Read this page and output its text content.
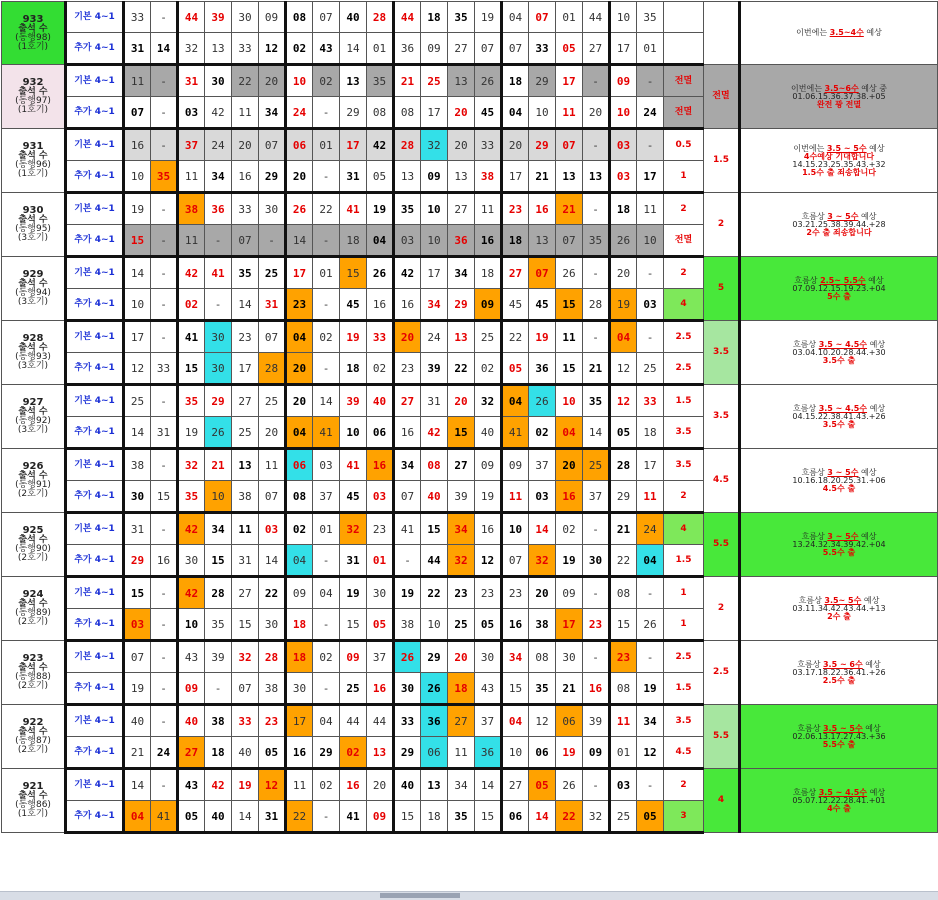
933
출석 수
(동행98)
(1호기)	기본 4~1	33	-	44	39	30	09	08	07	40	28	44	18	35	19	04	07	01	44	10	35			이번에는 3.5~4수 예상
	추가 4~1	31	14	32	13	33	12	02	43	14	01	36	09	27	07	07	33	05	27	17	01			

932
출석 수
(동행97)
(1호기)	기본 4~1	11	-	31	30	22	20	10	02	13	35	21	25	13	26	18	29	17	-	09	-	전멸	전멸	이번에는 3.5~6수 예상 중
01.06.15.36.37.38.+05
완전 꽝 전멸
	추가 4~1	07	-	03	42	11	34	24	-	29	08	08	17	20	45	04	10	11	20	10	24	전멸		

931
출석 수
(동행96)
(1호기)	기본 4~1	16	-	37	24	20	07	06	01	17	42	28	32	20	33	20	29	07	-	03	-	0.5	1.5	이번에는 3.5 ~ 5수 예상
4수예상 기대합니다
14.15.23.25.35.43.+32
1.5수 출 죄송합니다
	추가 4~1	10	35	11	34	16	29	20	-	31	05	13	09	13	38	17	21	13	13	03	17	1		

930
출석 수
(동행95)
(3호기)	기본 4~1	19	-	38	36	33	30	26	22	41	19	35	10	27	11	23	16	21	-	18	11	2	2	흐름상 3 ~ 5수 예상
03.21.25.38.39.44.+28
2수 출 죄송합니다
	추가 4~1	15	-	11	-	07	-	14	-	18	04	03	10	36	16	18	13	07	35	26	10	전멸		

929
출석 수
(동행94)
(3호기)	기본 4~1	14	-	42	41	35	25	17	01	15	26	42	17	34	18	27	07	26	-	20	-	2	5	흐름상 2.5~ 5.5수 예상
07.09.12.15.19.23.+04
5수 출
	추가 4~1	10	-	02	-	14	31	23	-	45	16	16	34	29	09	45	45	15	28	19	03	4		

928
출석 수
(동행93)
(3호기)	기본 4~1	17	-	41	30	23	07	04	02	19	33	20	24	13	25	22	19	11	-	04	-	2.5	3.5	흐름상 3.5 ~ 4.5수 예상
03.04.10.20.28.44.+30
3.5수 출
	추가 4~1	12	33	15	30	17	28	20	-	18	02	23	39	22	02	05	36	15	21	12	25	2.5		

927
출석 수
(동행92)
(3호기)	기본 4~1	25	-	35	29	27	25	20	14	39	40	27	31	20	32	04	26	10	35	12	33	1.5	3.5	흐름상 3.5 ~ 4.5수 예상
04.15.22.38.41.43.+26
3.5수 출
	추가 4~1	14	31	19	26	25	20	04	41	10	06	16	42	15	40	41	02	04	14	05	18	3.5		

926
출석 수
(동행91)
(2호기)	기본 4~1	38	-	32	21	13	11	06	03	41	16	34	08	27	09	09	37	20	25	28	17	3.5	4.5	흐름상 3 ~ 5수 예상
10.16.18.20.25.31.+06
4.5수 출
	추가 4~1	30	15	35	10	38	07	08	37	45	03	07	40	39	19	11	03	16	37	29	11	2		

925
출석 수
(동행90)
(2호기)	기본 4~1	31	-	42	34	11	03	02	01	32	23	41	15	34	16	10	14	02	-	21	24	4	5.5	흐름상 3 ~ 5수 예상
13.24.32.34.39.42.+04
5.5수 출
	추가 4~1	29	16	30	15	31	14	04	-	31	01	-	44	32	12	07	32	19	30	22	04	1.5		

924
출석 수
(동행89)
(2호기)	기본 4~1	15	-	42	28	27	22	09	04	19	30	19	22	23	23	23	20	09	-	08	-	1	2	흐름상 3.5~ 5수 예상
03.11.34.42.43.44.+13
2수 출
	추가 4~1	03	-	10	35	15	30	18	-	15	05	38	10	25	05	16	38	17	23	15	26	1		

923
출석 수
(동행88)
(2호기)	기본 4~1	07	-	43	39	32	28	18	02	09	37	26	29	20	30	34	08	30	-	23	-	2.5	2.5	흐름상 3.5 ~ 6수 예상
03.17.18.22.36.41.+26
2.5수 출
	추가 4~1	19	-	09	-	07	38	30	-	25	16	30	26	18	43	15	35	21	16	08	19	1.5		

922
출석 수
(동행87)
(2호기)	기본 4~1	40	-	40	38	33	23	17	04	44	44	33	36	27	37	04	12	06	39	11	34	3.5	5.5	흐름상 3.5 ~ 5수 예상
02.06.13.17.27.43.+36
5.5수 출
	추가 4~1	21	24	27	18	40	05	16	29	02	13	29	06	11	36	10	06	19	09	01	12	4.5		

921
출석 수
(동행86)
(1호기)	기본 4~1	14	-	43	42	19	12	11	02	16	20	40	13	34	14	27	05	26	-	03	-	2	4	흐름상 3.5 ~ 4.5수 예상
05.07.12.22.28.41.+01
4수 출
	추가 4~1	04	41	05	40	14	31	22	-	41	09	15	18	35	15	06	14	22	32	25	05	3		
